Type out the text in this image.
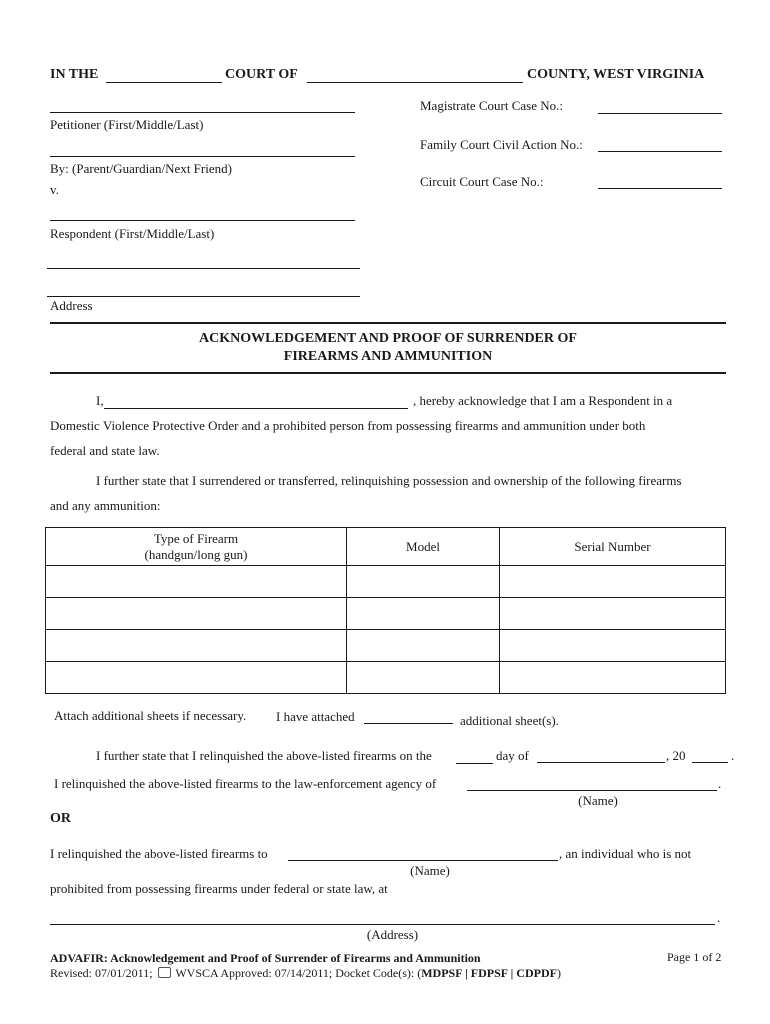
IN THE	COURT OF	COUNTY, WEST VIRGINIA
Petitioner (First/Middle/Last)
By: (Parent/Guardian/Next Friend)
v.
Respondent (First/Middle/Last)
Address
Magistrate Court Case No.:
Family Court Civil Action No.:
Circuit Court Case No.:
ACKNOWLEDGEMENT AND PROOF OF SURRENDER OF
FIREARMS AND AMMUNITION
I,	, hereby acknowledge that I am a Respondent in a
Domestic Violence Protective Order and a prohibited person from possessing firearms and ammunition under both
federal and state law.
I further state that I surrendered or transferred, relinquishing possession and ownership of the following firearms
and any ammunition:
Type of Firearm
(handgun/long gun)	Model	Serial Number

Attach additional sheets if necessary. I have attached	additional sheet(s).
I further state that I relinquished the above-listed firearms on the	day of	, 20	.
I relinquished the above-listed firearms to the law-enforcement agency of	.
(Name)
OR
I relinquished the above-listed firearms to	, an individual who is not
(Name)
prohibited from possessing firearms under federal or state law, at
.
(Address)
ADVAFIR: Acknowledgement and Proof of Surrender of Firearms and Ammunition
Revised: 07/01/2011; WVSCA Approved: 07/14/2011; Docket Code(s): (MDPSF | FDPSF | CDPDF)
Page 1 of 2
